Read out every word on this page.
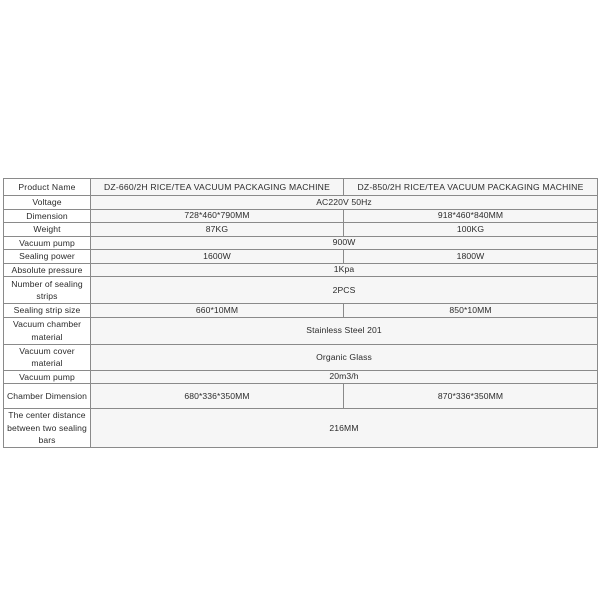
Product Name	DZ-660/2H RICE/TEA VACUUM PACKAGING MACHINE	DZ-850/2H RICE/TEA VACUUM PACKAGING MACHINE
Voltage	AC220V 50Hz	
Dimension	728*460*790MM	918*460*840MM
Weight	87KG	100KG
Vacuum pump	900W	
Sealing power	1600W	1800W
Absolute pressure	1Kpa	
Number of sealing strips	2PCS	
Sealing strip size	660*10MM	850*10MM
Vacuum chamber material	Stainless Steel 201	
Vacuum cover material	Organic Glass	
Vacuum pump	20m3/h	
Chamber Dimension	680*336*350MM	870*336*350MM
The center distance between two sealing bars	216MM	
